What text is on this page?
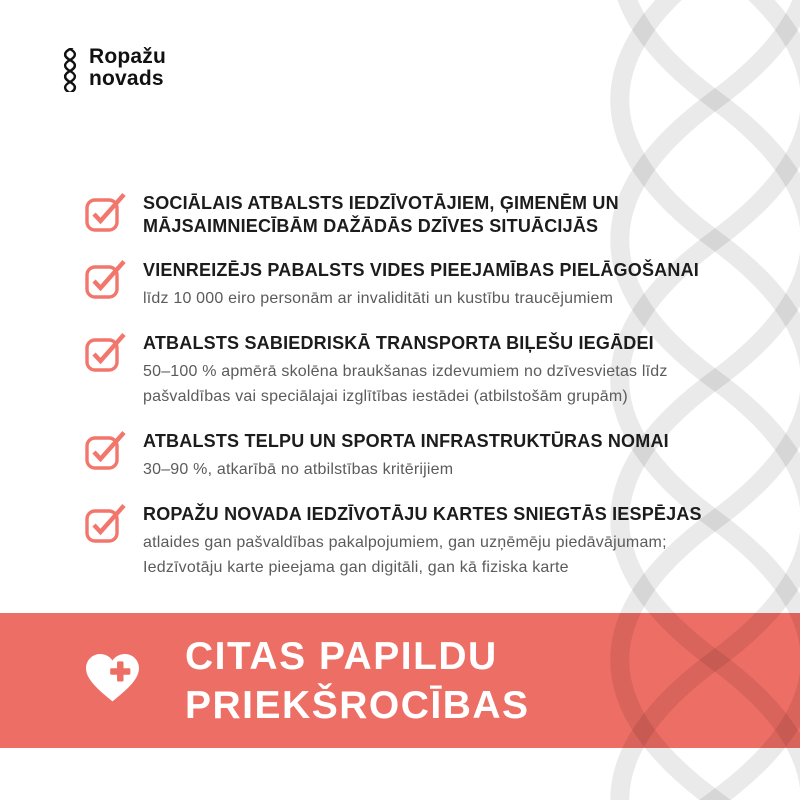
Ropažu
novads
SOCIĀLAIS ATBALSTS IEDZĪVOTĀJIEM, ĢIMENĒM UN MĀJSAIMNIECĪBĀM DAŽĀDĀS DZĪVES SITUĀCIJĀS
VIENREIZĒJS PABALSTS VIDES PIEEJAMĪBAS PIELĀGOŠANAI
līdz 10 000 eiro personām ar invaliditāti un kustību traucējumiem
ATBALSTS SABIEDRISKĀ TRANSPORTA BIĻEŠU IEGĀDEI
50–100 % apmērā skolēna braukšanas izdevumiem no dzīvesvietas līdz pašvaldības vai speciālajai izglītības iestādei (atbilstošām grupām)
ATBALSTS TELPU UN SPORTA INFRASTRUKTŪRAS NOMAI
30–90 %, atkarībā no atbilstības kritērijiem
ROPAŽU NOVADA IEDZĪVOTĀJU KARTES SNIEGTĀS IESPĒJAS
atlaides gan pašvaldības pakalpojumiem, gan uzņēmēju piedāvājumam; Iedzīvotāju karte pieejama gan digitāli, gan kā fiziska karte
CITAS PAPILDU PRIEKŠROCĪBAS
